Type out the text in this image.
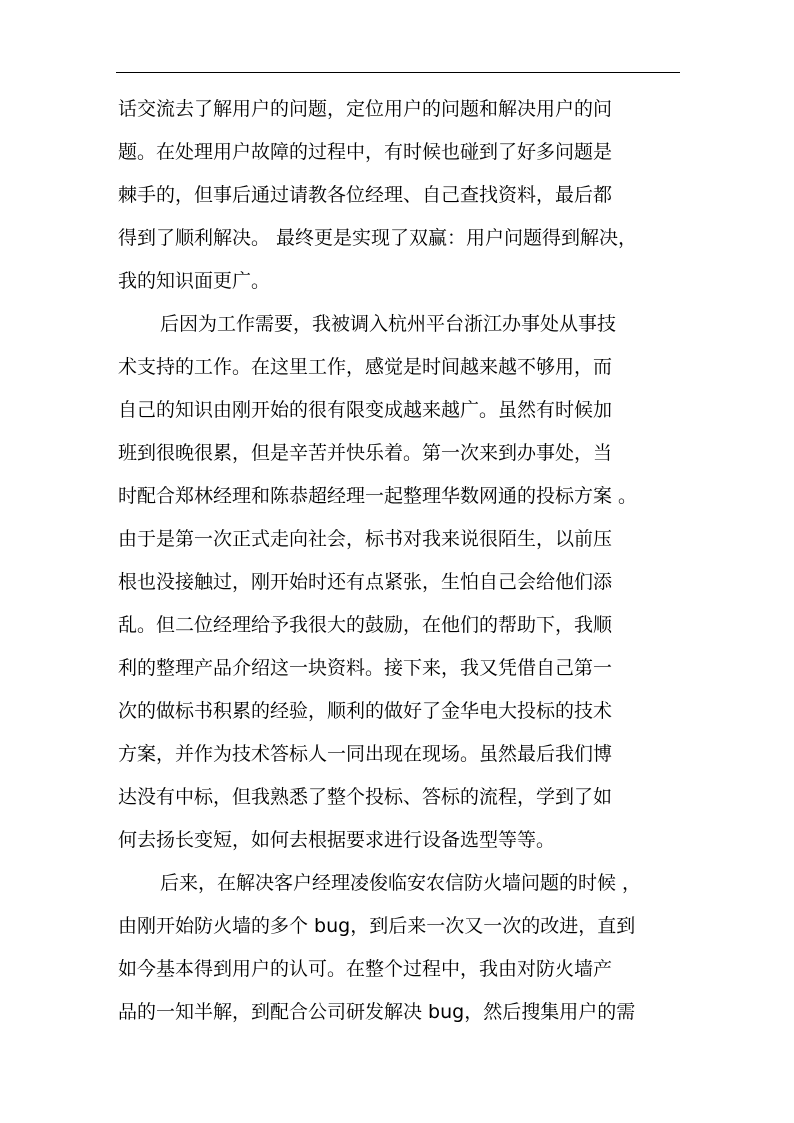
话交流去了解用户的问题，定位用户的问题和解决用户的问
题。在处理用户故障的过程中，有时候也碰到了好多问题是
棘手的，但事后通过请教各位经理、自己查找资料，最后都
得到了顺利解决。 最终更是实现了双赢：用户问题得到解决，
我的知识面更广。
后因为工作需要，我被调入杭州平台浙江办事处从事技
术支持的工作。在这里工作，感觉是时间越来越不够用，而
自己的知识由刚开始的很有限变成越来越广。虽然有时候加
班到很晚很累，但是辛苦并快乐着。第一次来到办事处，当
时配合郑林经理和陈恭超经理一起整理华数网通的投标方案 。
由于是第一次正式走向社会，标书对我来说很陌生，以前压
根也没接触过，刚开始时还有点紧张，生怕自己会给他们添
乱。但二位经理给予我很大的鼓励，在他们的帮助下，我顺
利的整理产品介绍这一块资料。接下来，我又凭借自己第一
次的做标书积累的经验，顺利的做好了金华电大投标的技术
方案，并作为技术答标人一同出现在现场。虽然最后我们博
达没有中标，但我熟悉了整个投标、答标的流程，学到了如
何去扬长变短，如何去根据要求进行设备选型等等。
后来，在解决客户经理凌俊临安农信防火墙问题的时候 ，
由刚开始防火墙的多个 bug，到后来一次又一次的改进，直到
如今基本得到用户的认可。在整个过程中，我由对防火墙产
品的一知半解，到配合公司研发解决 bug，然后搜集用户的需
